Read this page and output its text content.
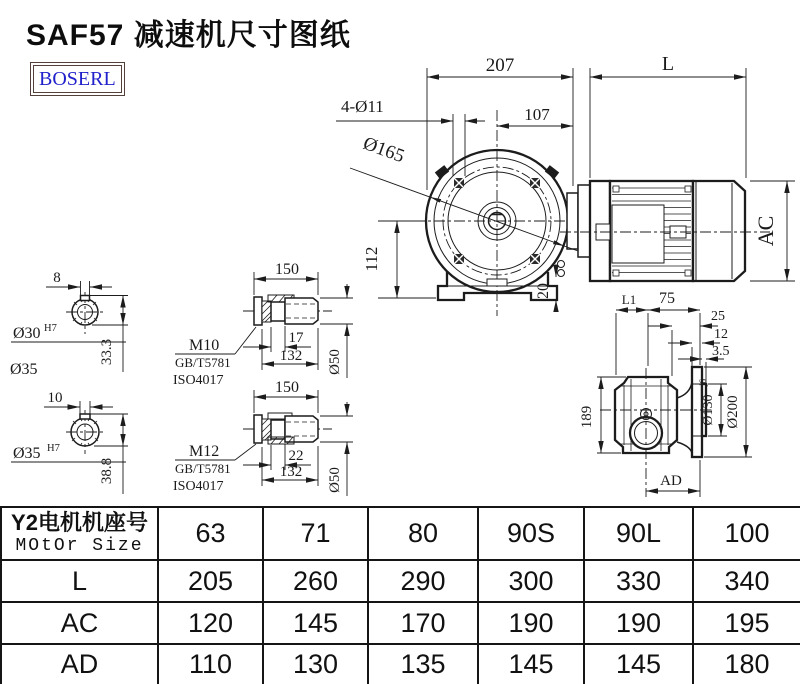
207	L
107
4-Ø11
Ø165
112
20
AC
8
Ø30 H7
33.3
Ø35
10
Ø35 H7
38.8
150
M10
GB/T5781
ISO4017
17
132 Ø50
150
M12
GB/T5781
ISO4017
22
132 Ø50
L1 75
25
12
3.5
189	Ø130
j6
Ø200
AD
SAF57 减速机尺寸图纸
BOSERL
Y2电机机座号
MOtOr Size	63	71	80	90S	90L	100
L	205	260	290	300	330	340
AC	120	145	170	190	190	195
AD	110	130	135	145	145	180
